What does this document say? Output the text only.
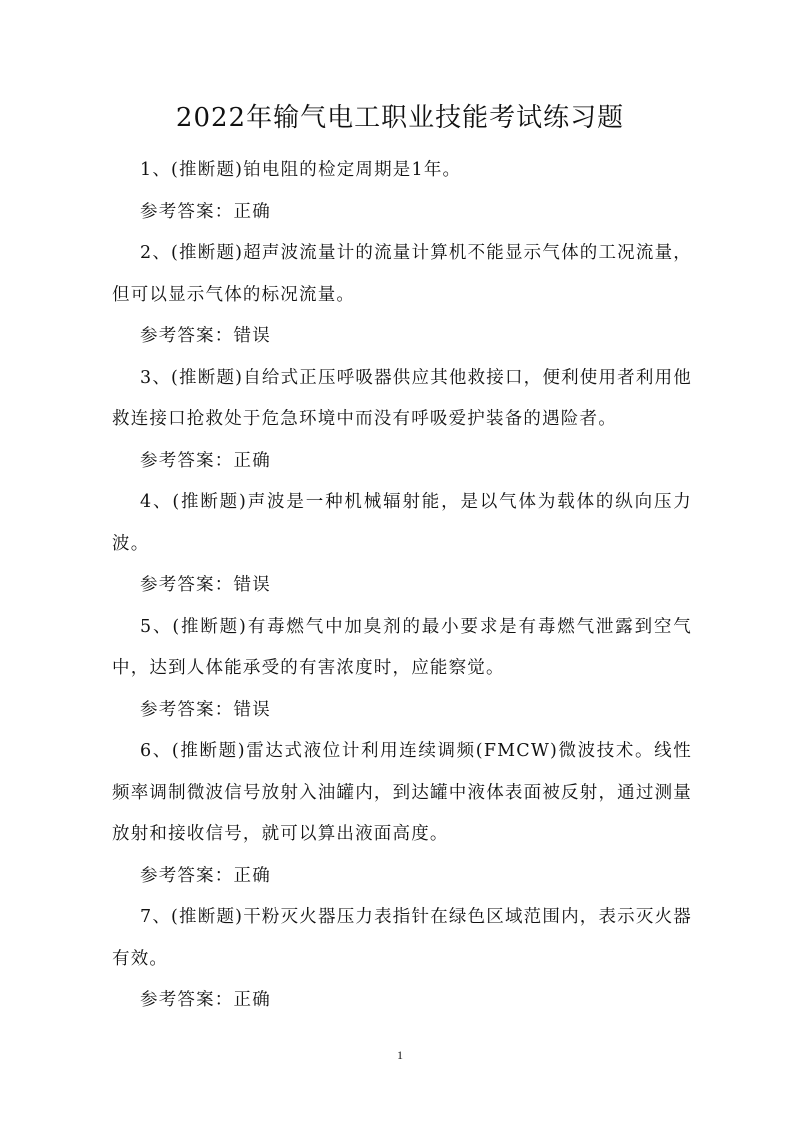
2022年输气电工职业技能考试练习题

1、(推断题)铂电阻的检定周期是1年。

参考答案：正确

2、(推断题)超声波流量计的流量计算机不能显示气体的工况流量，但可以显示气体的标况流量。

参考答案：错误

3、(推断题)自给式正压呼吸器供应其他救接口，便利使用者利用他救连接口抢救处于危急环境中而没有呼吸爱护装备的遇险者。

参考答案：正确

4、(推断题)声波是一种机械辐射能，是以气体为载体的纵向压力波。

参考答案：错误

5、(推断题)有毒燃气中加臭剂的最小要求是有毒燃气泄露到空气中，达到人体能承受的有害浓度时，应能察觉。

参考答案：错误

6、(推断题)雷达式液位计利用连续调频(FMCW)微波技术。线性频率调制微波信号放射入油罐内，到达罐中液体表面被反射，通过测量放射和接收信号，就可以算出液面高度。

参考答案：正确

7、(推断题)干粉灭火器压力表指针在绿色区域范围内，表示灭火器有效。

参考答案：正确

1
